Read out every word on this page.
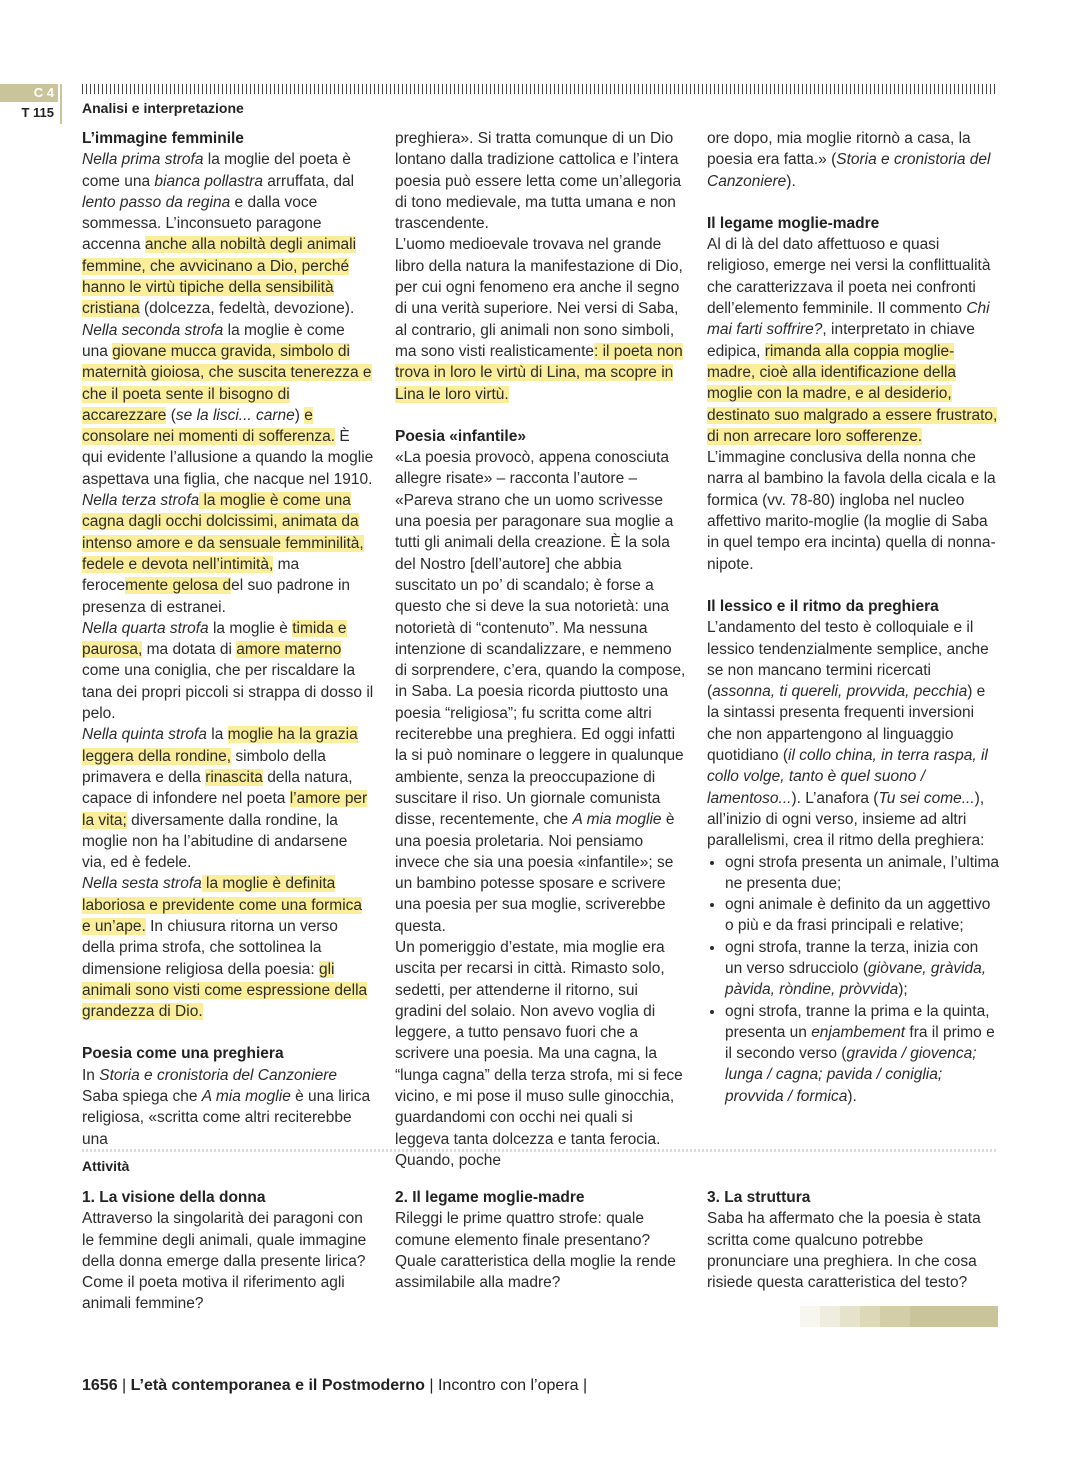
C 4
T 115 Analisi e interpretazione
L’immagine femminile

Nella prima strofa la moglie del poeta è come una bianca pollastra arruffata, dal lento passo da regina e dalla voce sommessa. L’inconsueto paragone accenna anche alla nobiltà degli animali femmine, che avvicinano a Dio, perché hanno le virtù tipiche della sensibilità cristiana (dolcezza, fedeltà, devozione).

Nella seconda strofa la moglie è come una giovane mucca gravida, simbolo di maternità gioiosa, che suscita tenerezza e che il poeta sente il bisogno di accarezzare (se la lisci... carne) e consolare nei momenti di sofferenza. È qui evidente l’allusione a quando la moglie aspettava una figlia, che nacque nel 1910.

Nella terza strofa la moglie è come una cagna dagli occhi dolcissimi, animata da intenso amore e da sensuale femminilità, fedele e devota nell’intimità, ma ferocemente gelosa del suo padrone in presenza di estranei.

Nella quarta strofa la moglie è timida e paurosa, ma dotata di amore materno come una coniglia, che per riscaldare la tana dei propri piccoli si strappa di dosso il pelo.

Nella quinta strofa la moglie ha la grazia leggera della rondine, simbolo della primavera e della rinascita della natura, capace di infondere nel poeta l’amore per la vita; diversamente dalla rondine, la moglie non ha l’abitudine di andarsene via, ed è fedele.

Nella sesta strofa la moglie è definita laboriosa e previdente come una formica e un’ape. In chiusura ritorna un verso della prima strofa, che sottolinea la dimensione religiosa della poesia: gli animali sono visti come espressione della grandezza di Dio.

Poesia come una preghiera

In Storia e cronistoria del Canzoniere Saba spiega che A mia moglie è una lirica religiosa, «scritta come altri reciterebbe una

preghiera». Si tratta comunque di un Dio lontano dalla tradizione cattolica e l’intera poesia può essere letta come un’allegoria di tono medievale, ma tutta umana e non trascendente.

L’uomo medioevale trovava nel grande libro della natura la manifestazione di Dio, per cui ogni fenomeno era anche il segno di una verità superiore. Nei versi di Saba, al contrario, gli animali non sono simboli, ma sono visti realisticamente: il poeta non trova in loro le virtù di Lina, ma scopre in Lina le loro virtù.

Poesia «infantile»

«La poesia provocò, appena conosciuta allegre risate» – racconta l’autore – «Pareva strano che un uomo scrivesse una poesia per paragonare sua moglie a tutti gli animali della creazione. È la sola del Nostro [dell’autore] che abbia suscitato un po’ di scandalo; è forse a questo che si deve la sua notorietà: una notorietà di “contenuto”. Ma nessuna intenzione di scandalizzare, e nemmeno di sorprendere, c’era, quando la compose, in Saba. La poesia ricorda piuttosto una poesia “religiosa”; fu scritta come altri reciterebbe una preghiera. Ed oggi infatti la si può nominare o leggere in qualunque ambiente, senza la preoccupazione di suscitare il riso. Un giornale comunista disse, recentemente, che A mia moglie è una poesia proletaria. Noi pensiamo invece che sia una poesia «infantile»; se un bambino potesse sposare e scrivere una poesia per sua moglie, scriverebbe questa.

Un pomeriggio d’estate, mia moglie era uscita per recarsi in città. Rimasto solo, sedetti, per attenderne il ritorno, sui gradini del solaio. Non avevo voglia di leggere, a tutto pensavo fuori che a scrivere una poesia. Ma una cagna, la “lunga cagna” della terza strofa, mi si fece vicino, e mi pose il muso sulle ginocchia, guardandomi con occhi nei quali si leggeva tanta dolcezza e tanta ferocia. Quando, poche

ore dopo, mia moglie ritornò a casa, la poesia era fatta.» (Storia e cronistoria del Canzoniere).

Il legame moglie-madre

Al di là del dato affettuoso e quasi religioso, emerge nei versi la conflittualità che caratterizzava il poeta nei confronti dell’elemento femminile. Il commento Chi mai farti soffrire?, interpretato in chiave edipica, rimanda alla coppia moglie-madre, cioè alla identificazione della moglie con la madre, e al desiderio, destinato suo malgrado a essere frustrato, di non arrecare loro sofferenze.

L’immagine conclusiva della nonna che narra al bambino la favola della cicala e la formica (vv. 78-80) ingloba nel nucleo affettivo marito-moglie (la moglie di Saba in quel tempo era incinta) quella di nonna-nipote.

Il lessico e il ritmo da preghiera

L’andamento del testo è colloquiale e il lessico tendenzialmente semplice, anche se non mancano termini ricercati (assonna, ti quereli, provvida, pecchia) e la sintassi presenta frequenti inversioni che non appartengono al linguaggio quotidiano (il collo china, in terra raspa, il collo volge, tanto è quel suono / lamentoso...). L’anafora (Tu sei come...), all’inizio di ogni verso, insieme ad altri parallelismi, crea il ritmo della preghiera:

• ogni strofa presenta un animale, l’ultima ne presenta due;
• ogni animale è definito da un aggettivo o più e da frasi principali e relative;
• ogni strofa, tranne la terza, inizia con un verso sdrucciolo (giòvane, gràvida, pàvida, ròndine, pròvvida);
• ogni strofa, tranne la prima e la quinta, presenta un enjambement fra il primo e il secondo verso (gravida / giovenca; lunga / cagna; pavida / coniglia; provvida / formica).
Attività
1. La visione della donna

Attraverso la singolarità dei paragoni con le femmine degli animali, quale immagine della donna emerge dalla presente lirica? Come il poeta motiva il riferimento agli animali femmine?

2. Il legame moglie-madre

Rileggi le prime quattro strofe: quale comune elemento finale presentano? Quale caratteristica della moglie la rende assimilabile alla madre?

3. La struttura

Saba ha affermato che la poesia è stata scritta come qualcuno potrebbe pronunciare una preghiera. In che cosa risiede questa caratteristica del testo?

1656 | L’età contemporanea e il Postmoderno | Incontro con l’opera |
